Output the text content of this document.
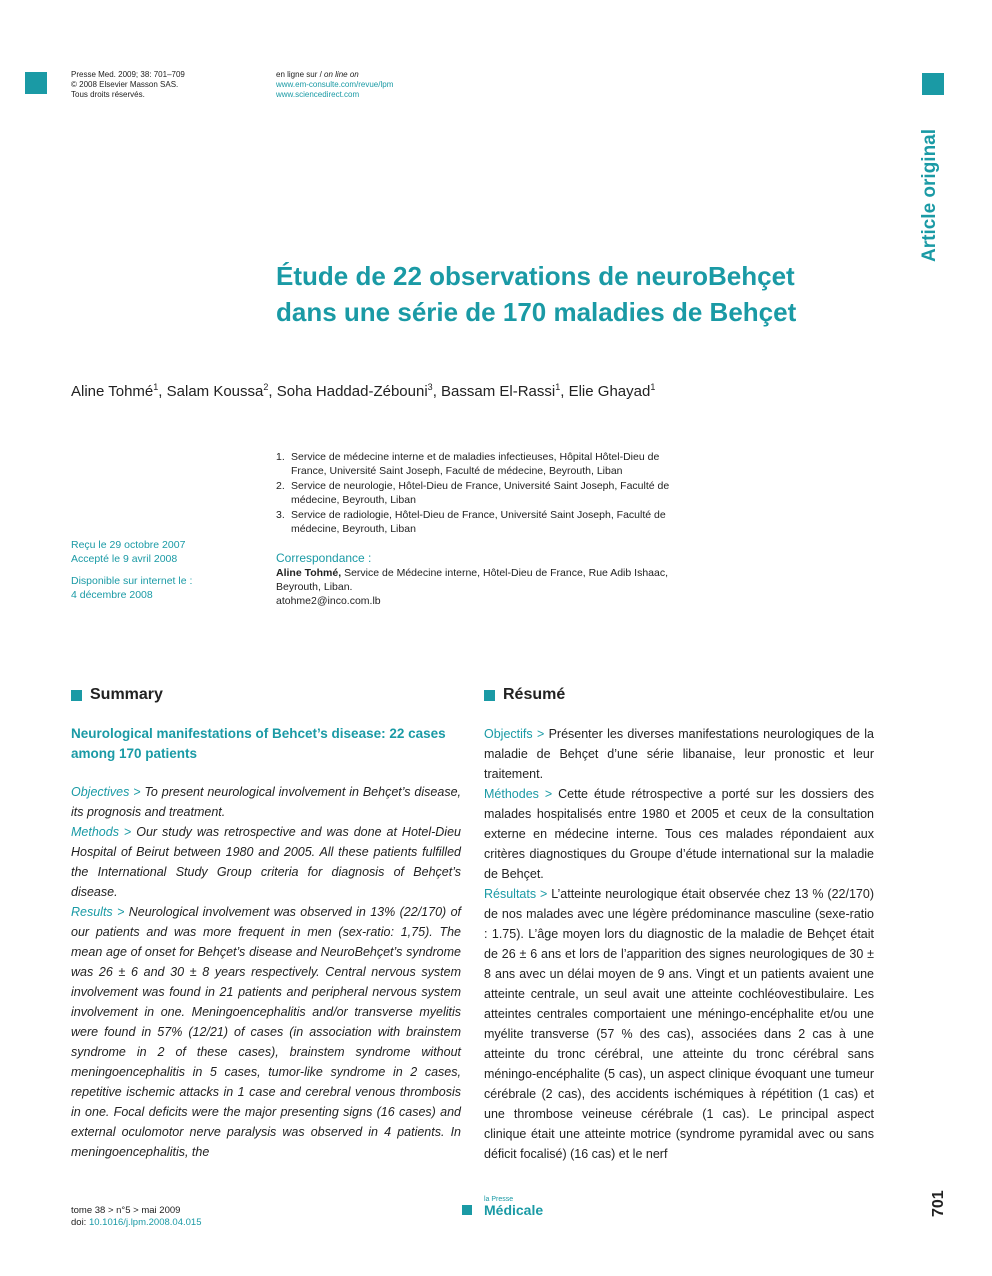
Presse Med. 2009; 38: 701–709
© 2008 Elsevier Masson SAS.
Tous droits réservés.
en ligne sur / on line on
www.em-consulte.com/revue/lpm
www.sciencedirect.com
Article original
Étude de 22 observations de neuroBehçet
dans une série de 170 maladies de Behçet
Aline Tohmé$^1$, Salam Koussa$^2$, Soha Haddad-Zébouni$^3$, Bassam El-Rassi$^1$, Elie Ghayad$^1$
1. Service de médecine interne et de maladies infectieuses, Hôpital Hôtel-Dieu de France, Université Saint Joseph, Faculté de médecine, Beyrouth, Liban
2. Service de neurologie, Hôtel-Dieu de France, Université Saint Joseph, Faculté de médecine, Beyrouth, Liban
3. Service de radiologie, Hôtel-Dieu de France, Université Saint Joseph, Faculté de médecine, Beyrouth, Liban
Reçu le 29 octobre 2007
Accepté le 9 avril 2008
Disponible sur internet le :
4 décembre 2008
Correspondance :
Aline Tohmé, Service de Médecine interne, Hôtel-Dieu de France, Rue Adib Ishaac, Beyrouth, Liban.
atohme2@inco.com.lb
Summary
Neurological manifestations of Behcet’s disease: 22 cases among 170 patients
Objectives > To present neurological involvement in Behçet’s disease, its prognosis and treatment.
Methods > Our study was retrospective and was done at Hotel-Dieu Hospital of Beirut between 1980 and 2005. All these patients fulfilled the International Study Group criteria for diagnosis of Behçet’s disease.
Results > Neurological involvement was observed in 13% (22/170) of our patients and was more frequent in men (sex-ratio: 1,75). The mean age of onset for Behçet’s disease and NeuroBehçet’s syndrome was 26 ± 6 and 30 ± 8 years respectively. Central nervous system involvement was found in 21 patients and peripheral nervous system involvement in one. Meningoencephalitis and/or transverse myelitis were found in 57% (12/21) of cases (in association with brainstem syndrome in 2 of these cases), brainstem syndrome without meningoencephalitis in 5 cases, tumor-like syndrome in 2 cases, repetitive ischemic attacks in 1 case and cerebral venous thrombosis in one. Focal deficits were the major presenting signs (16 cases) and external oculomotor nerve paralysis was observed in 4 patients. In meningoencephalitis, the
Résumé
Objectifs > Présenter les diverses manifestations neurologiques de la maladie de Behçet d’une série libanaise, leur pronostic et leur traitement.
Méthodes > Cette étude rétrospective a porté sur les dossiers des malades hospitalisés entre 1980 et 2005 et ceux de la consultation externe en médecine interne. Tous ces malades répondaient aux critères diagnostiques du Groupe d’étude international sur la maladie de Behçet.
Résultats > L’atteinte neurologique était observée chez 13 % (22/170) de nos malades avec une légère prédominance masculine (sexe-ratio : 1.75). L’âge moyen lors du diagnostic de la maladie de Behçet était de 26 ± 6 ans et lors de l’apparition des signes neurologiques de 30 ± 8 ans avec un délai moyen de 9 ans. Vingt et un patients avaient une atteinte centrale, un seul avait une atteinte cochléovestibulaire. Les atteintes centrales comportaient une méningo-encéphalite et/ou une myélite transverse (57 % des cas), associées dans 2 cas à une atteinte du tronc cérébral, une atteinte du tronc cérébral sans méningo-encéphalite (5 cas), un aspect clinique évoquant une tumeur cérébrale (2 cas), des accidents ischémiques à répétition (1 cas) et une thrombose veineuse cérébrale (1 cas). Le principal aspect clinique était une atteinte motrice (syndrome pyramidal avec ou sans déficit focalisé) (16 cas) et le nerf
tome 38 > n°5 > mai 2009
doi: 10.1016/j.lpm.2008.04.015
la Presse
Médicale	701
